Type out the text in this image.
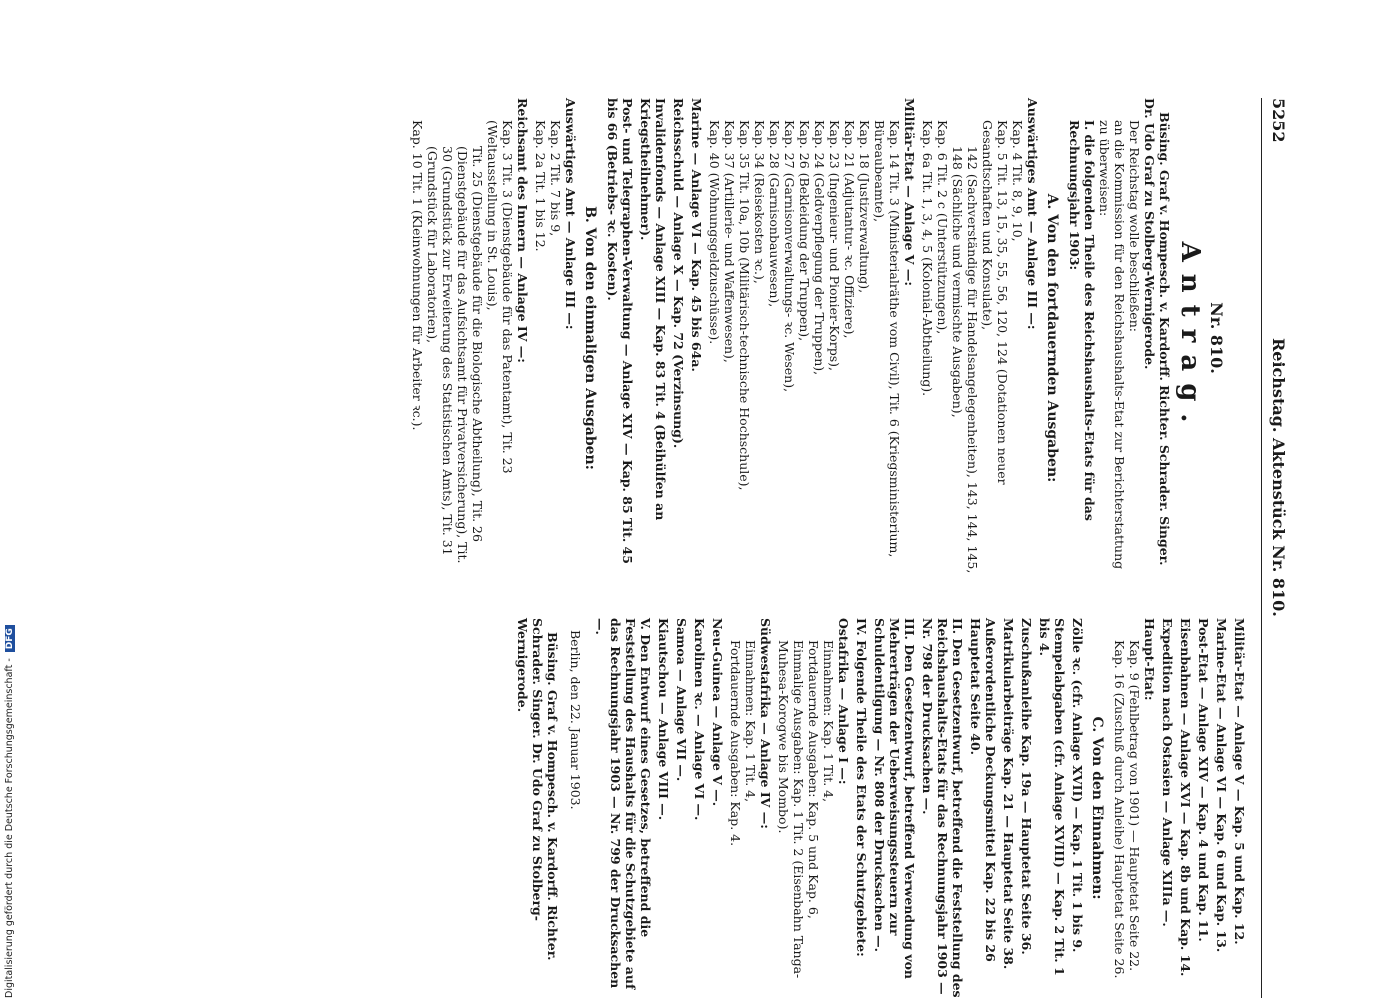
5252
Reichstag. Aktenstück Nr. 810.

Nr. 810.

Antrag.

Büsing. Graf v. Hompesch. v. Kardorff. Richter. Schrader. Singer. Dr. Udo Graf zu Stolberg-Wernigerode.

Der Reichstag wolle beschließen:

an die Kommission für den Reichshaushalts-Etat zur Berichterstattung zu überweisen:

I. die folgenden Theile des Reichshaushalts-Etats für das Rechnungsjahr 1903:

A. Von den fortdauernden Ausgaben:

Auswärtiges Amt — Anlage III —:

Kap. 4 Tit. 8, 9, 10,

Kap. 5 Tit. 13, 15, 35, 55, 56, 120, 124 (Dotationen neuer Gesandtschaften und Konsulate),

142 (Sachverständige für Handelsangelegenheiten), 143, 144, 145, 148 (Sächliche und vermischte Ausgaben),

Kap. 6 Tit. 2 c (Unterstützungen),

Kap. 6a Tit. 1, 3, 4, 5 (Kolonial-Abtheilung).

Militär-Etat — Anlage V —:

Kap. 14 Tit. 3 (Ministerialräthe vom Civil), Tit. 6 (Kriegsministerium, Büreaubeamte),

Kap. 18 (Justizverwaltung),

Kap. 21 (Adjutantur- ꝛc. Offiziere),

Kap. 23 (Ingenieur- und Pionier-Korps),

Kap. 24 (Geldverpflegung der Truppen),

Kap. 26 (Bekleidung der Truppen),

Kap. 27 (Garnisonverwaltungs- ꝛc. Wesen),

Kap. 28 (Garnisonbauwesen),

Kap. 34 (Reisekosten ꝛc.),

Kap. 35 Tit. 10a, 10b (Militärisch-technische Hochschule),

Kap. 37 (Artillerie- und Waffenwesen),

Kap. 40 (Wohnungsgeldzuschüsse).

Marine — Anlage VI — Kap. 45 bis 64a.

Reichsschuld — Anlage X — Kap. 72 (Verzinsung).

Invalidenfonds — Anlage XIII — Kap. 83 Tit. 4 (Beihülfen an Kriegstheilnehmer).

Post- und Telegraphen-Verwaltung — Anlage XIV — Kap. 85 Tit. 45 bis 66 (Betriebs- ꝛc. Kosten).

B. Von den einmaligen Ausgaben:

Auswärtiges Amt — Anlage III —:

Kap. 2 Tit. 7 bis 9,

Kap. 2a Tit. 1 bis 12.

Reichsamt des Innern — Anlage IV —:

Kap. 3 Tit. 3 (Dienstgebäude für das Patentamt), Tit. 23 (Weltausstellung in St. Louis),

Tit. 25 (Dienstgebäude für die Biologische Abtheilung), Tit. 26 (Dienstgebäude für das Aufsichtsamt für Privatversicherung), Tit. 30 (Grundstück zur Erweiterung des Statistischen Amts), Tit. 31 (Grundstück für Laboratorien),

Kap. 10 Tit. 1 (Kleinwohnungen für Arbeiter ꝛc.).

Militär-Etat — Anlage V — Kap. 5 und Kap. 12.

Marine-Etat — Anlage VI — Kap. 6 und Kap. 13.

Post-Etat — Anlage XIV — Kap. 4 und Kap. 11.

Eisenbahnen — Anlage XVI — Kap. 8b und Kap. 14.

Expedition nach Ostasien — Anlage XIIIa —.

Haupt-Etat:

Kap. 9 (Fehlbetrag von 1901) — Hauptetat Seite 22.

Kap. 16 (Zuschuß durch Anleihe) Hauptetat Seite 26.

C. Von den Einnahmen:

Zölle ꝛc. (cfr. Anlage XVII) — Kap. 1 Tit. 1 bis 9.

Stempelabgaben (cfr. Anlage XVIII) — Kap. 2 Tit. 1 bis 4.

Zuschußanleihe Kap. 19a — Hauptetat Seite 36.

Matrikularbeiträge Kap. 21 — Hauptetat Seite 38.

Außerordentliche Deckungsmittel Kap. 22 bis 26 Hauptetat Seite 40.

II. Den Gesetzentwurf, betreffend die Feststellung des Reichshaushalts-Etats für das Rechnungsjahr 1903 — Nr. 798 der Drucksachen —.

III. Den Gesetzentwurf, betreffend Verwendung von Mehrerträgen der Ueberweisungssteuern zur Schuldentilgung — Nr. 808 der Drucksachen —.

IV. Folgende Theile des Etats der Schutzgebiete:

Ostafrika — Anlage I —:

Einnahmen: Kap. 1 Tit. 4,

Fortdauernde Ausgaben: Kap. 5 und Kap. 6,

Einmalige Ausgaben: Kap. 1 Tit. 2 (Eisenbahn Tanga-Muhesa-Korogwe bis Mombo).

Südwestafrika — Anlage IV —:

Einnahmen: Kap. 1 Tit. 4,

Fortdauernde Ausgaben: Kap. 4.

Neu-Guinea — Anlage V —.

Karolinen ꝛc. — Anlage VI —.

Samoa — Anlage VII —.

Kiautschou — Anlage VIII —.

V. Den Entwurf eines Gesetzes, betreffend die Feststellung des Haushalts für die Schutzgebiete auf das Rechnungsjahr 1903 — Nr. 799 der Drucksachen —.

Berlin, den 22. Januar 1903.

Büsing. Graf v. Hompesch. v. Kardorff. Richter. Schrader. Singer. Dr. Udo Graf zu Stolberg-Wernigerode.

Digitalisierung gefördert durch die Deutsche Forschungsgemeinschaft -DFG
